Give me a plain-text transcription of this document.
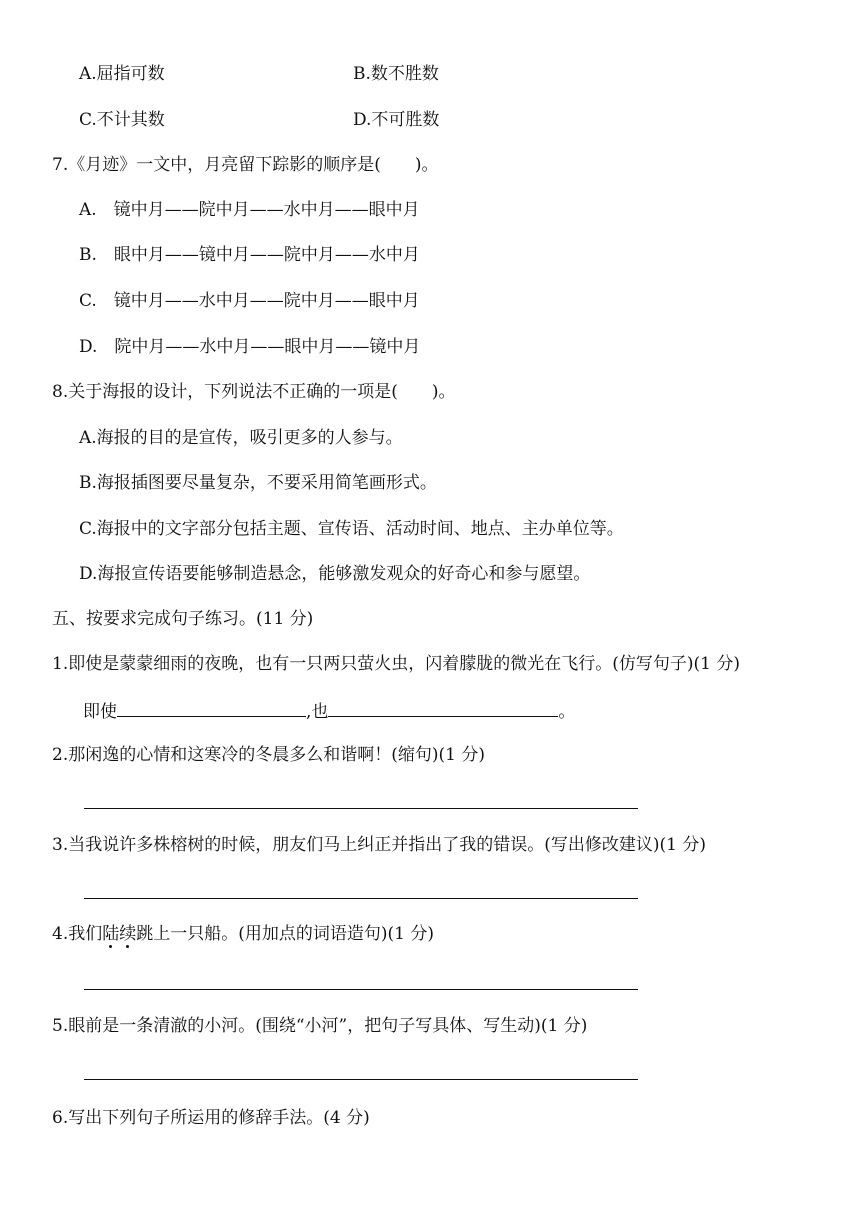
A.屈指可数	B.数不胜数
C.不计其数	D.不可胜数
7.《月迹》一文中，月亮留下踪影的顺序是(　　)。
A.　镜中月——院中月——水中月——眼中月
B.　眼中月——镜中月——院中月——水中月
C.　镜中月——水中月——院中月——眼中月
D.　院中月——水中月——眼中月——镜中月
8.关于海报的设计，下列说法不正确的一项是(　　)。
A.海报的目的是宣传，吸引更多的人参与。
B.海报插图要尽量复杂，不要采用简笔画形式。
C.海报中的文字部分包括主题、宣传语、活动时间、地点、主办单位等。
D.海报宣传语要能够制造悬念，能够激发观众的好奇心和参与愿望。
五、按要求完成句子练习。(11 分)
1.即使是蒙蒙细雨的夜晚，也有一只两只萤火虫，闪着朦胧的微光在飞行。(仿写句子)(1 分)
即使	,也	。
2.那闲逸的心情和这寒冷的冬晨多么和谐啊！(缩句)(1 分)
3.当我说许多株榕树的时候，朋友们马上纠正并指出了我的错误。(写出修改建议)(1 分)
4.我们陆续
跳上一只船。(用加点的词语造句)(1 分)
5.眼前是一条清澈的小河。(围绕“小河”，把句子写具体、写生动)(1 分)
6.写出下列句子所运用的修辞手法。(4 分)
